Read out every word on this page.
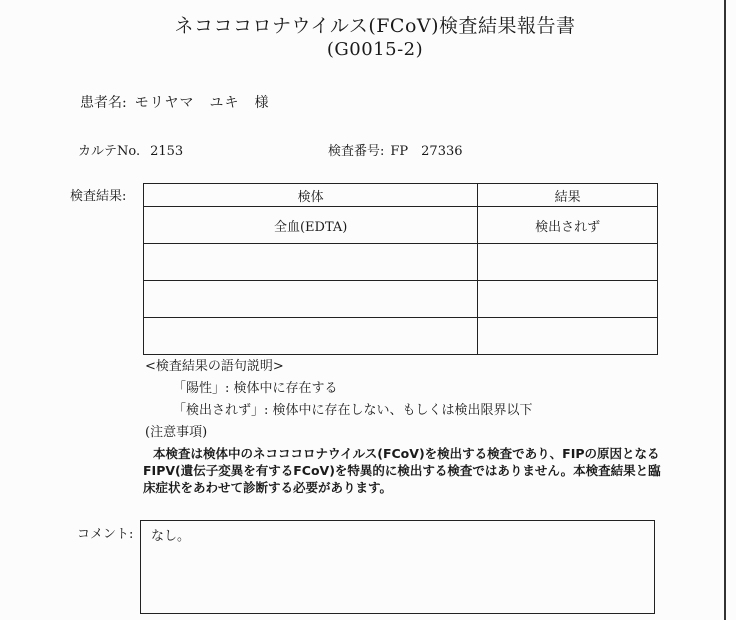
ネコココロナウイルス(FCoV)検査結果報告書
(G0015-2)
患者名: モリヤマ　ユキ　様
カルテNo. 2153	検査番号: FP　27336
検査結果:	検体	結果
全血(EDTA)	検出されず

<検査結果の語句説明>
「陽性」: 検体中に存在する
「検出されず」: 検体中に存在しない、もしくは検出限界以下
(注意事項)
本検査は検体中のネコココロナウイルス(FCoV)を検出する検査であり、FIPの原因となるFIPV(遺伝子変異を有するFCoV)を特異的に検出する検査ではありません。本検査結果と臨床症状をあわせて診断する必要があります。
コメント:	なし。
